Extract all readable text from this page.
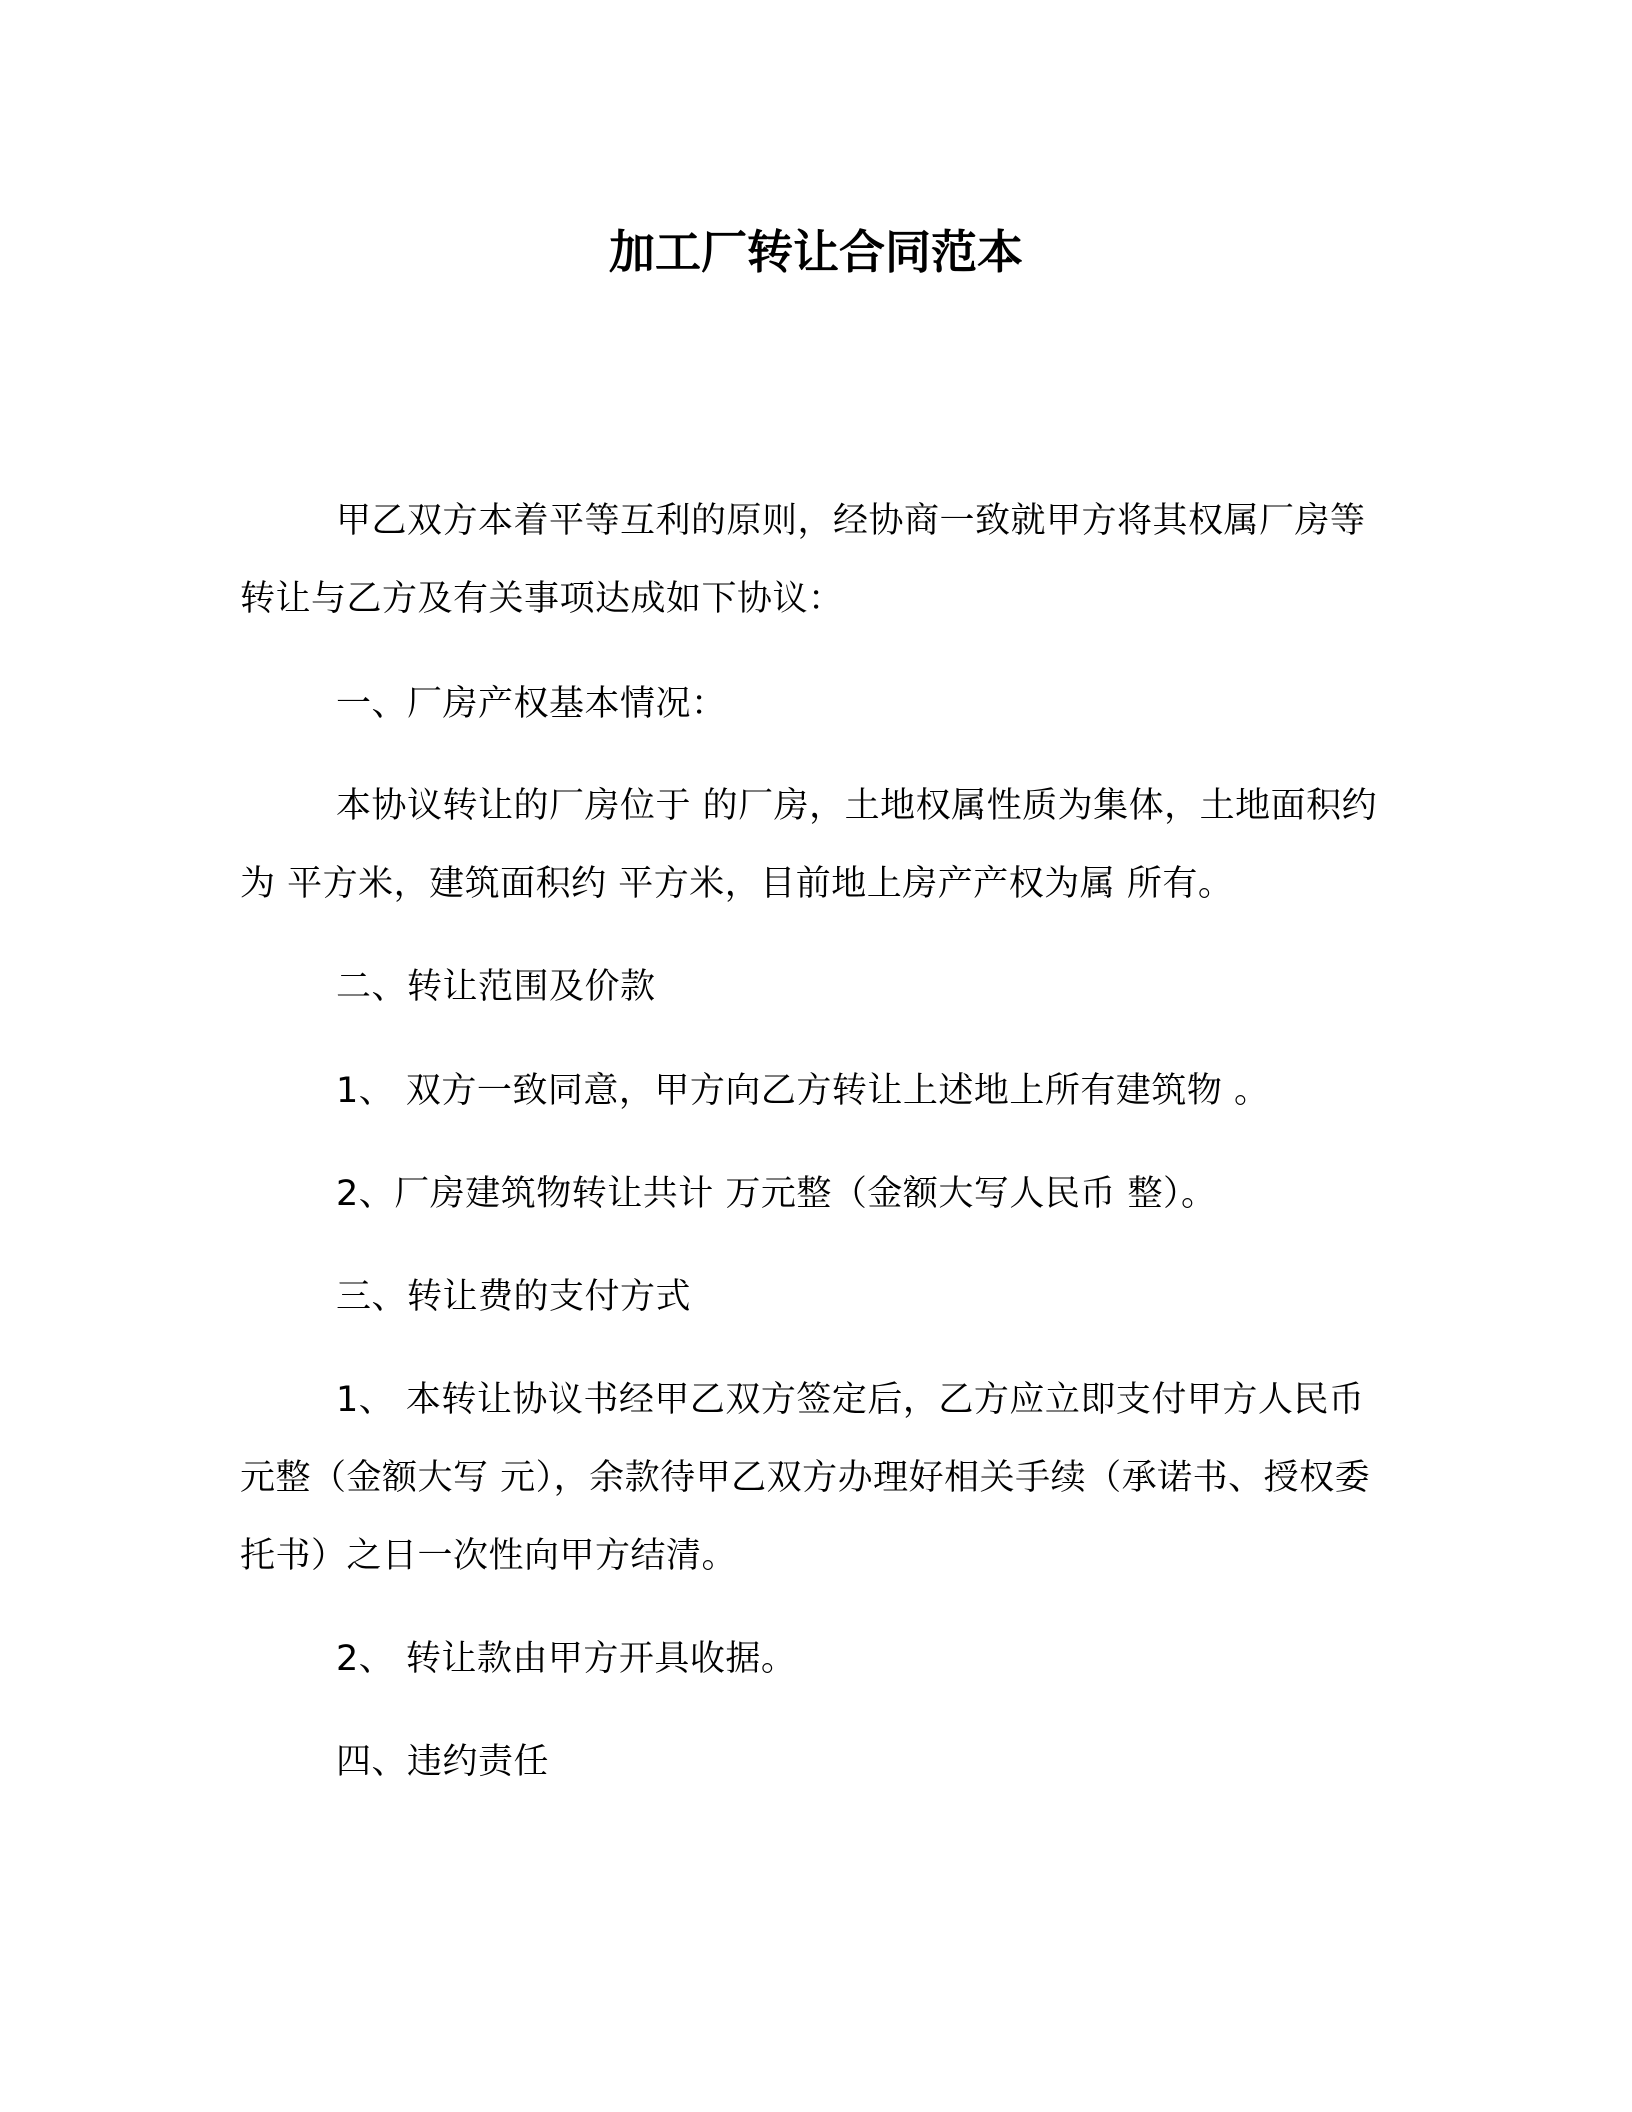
加工厂转让合同范本

甲乙双方本着平等互利的原则，经协商一致就甲方将其权属厂房等转让与乙方及有关事项达成如下协议：

一、厂房产权基本情况：

本协议转让的厂房位于 的厂房，土地权属性质为集体，土地面积约为 平方米，建筑面积约 平方米，目前地上房产产权为属 所有。

二、转让范围及价款

1、 双方一致同意，甲方向乙方转让上述地上所有建筑物 。

2、厂房建筑物转让共计 万元整（金额大写人民币 整）。

三、转让费的支付方式

1、 本转让协议书经甲乙双方签定后，乙方应立即支付甲方人民币 元整（金额大写 元），余款待甲乙双方办理好相关手续（承诺书、授权委托书）之日一次性向甲方结清。

2、 转让款由甲方开具收据。

四、违约责任
